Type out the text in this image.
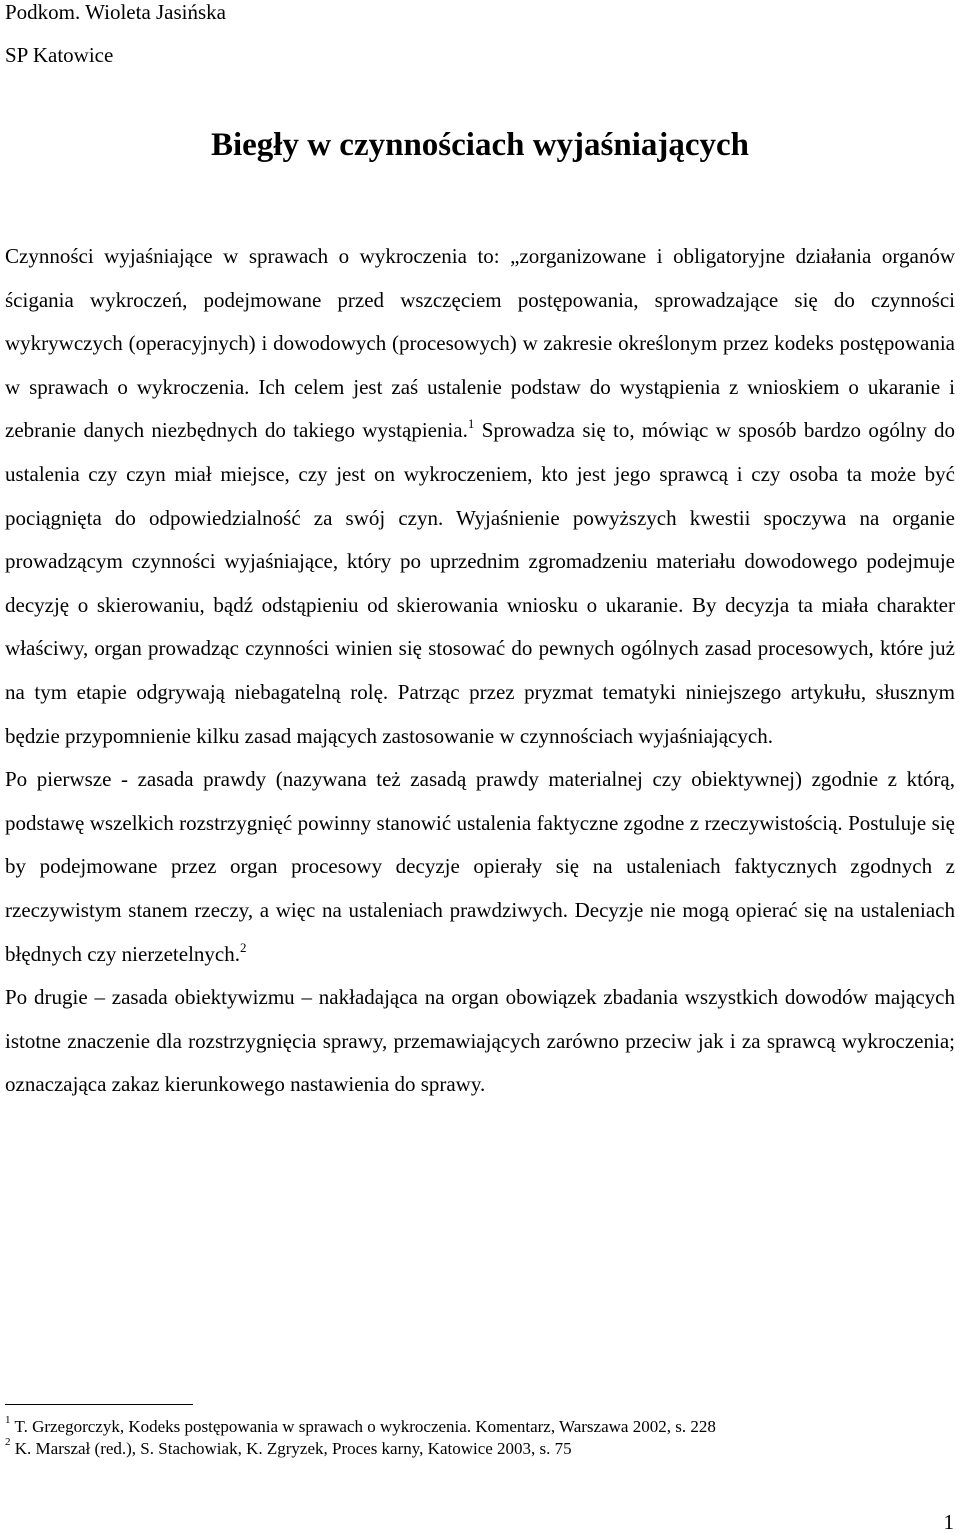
Podkom. Wioleta Jasińska
SP Katowice
Biegły w czynnościach wyjaśniających

Czynności wyjaśniające w sprawach o wykroczenia to: „zorganizowane i obligatoryjne działania organów ścigania wykroczeń, podejmowane przed wszczęciem postępowania, sprowadzające się do czynności wykrywczych (operacyjnych) i dowodowych (procesowych) w zakresie określonym przez kodeks postępowania w sprawach o wykroczenia. Ich celem jest zaś ustalenie podstaw do wystąpienia z wnioskiem o ukaranie i zebranie danych niezbędnych do takiego wystąpienia.$^1$ Sprowadza się to, mówiąc w sposób bardzo ogólny do ustalenia czy czyn miał miejsce, czy jest on wykroczeniem, kto jest jego sprawcą i czy osoba ta może być pociągnięta do odpowiedzialność za swój czyn. Wyjaśnienie powyższych kwestii spoczywa na organie prowadzącym czynności wyjaśniające, który po uprzednim zgromadzeniu materiału dowodowego podejmuje decyzję o skierowaniu, bądź odstąpieniu od skierowania wniosku o ukaranie. By decyzja ta miała charakter właściwy, organ prowadząc czynności winien się stosować do pewnych ogólnych zasad procesowych, które już na tym etapie odgrywają niebagatelną rolę. Patrząc przez pryzmat tematyki niniejszego artykułu, słusznym będzie przypomnienie kilku zasad mających zastosowanie w czynnościach wyjaśniających.

Po pierwsze - zasada prawdy (nazywana też zasadą prawdy materialnej czy obiektywnej) zgodnie z którą, podstawę wszelkich rozstrzygnięć powinny stanowić ustalenia faktyczne zgodne z rzeczywistością. Postuluje się by podejmowane przez organ procesowy decyzje opierały się na ustaleniach faktycznych zgodnych z rzeczywistym stanem rzeczy, a więc na ustaleniach prawdziwych. Decyzje nie mogą opierać się na ustaleniach błędnych czy nierzetelnych.$^2$

Po drugie – zasada obiektywizmu – nakładająca na organ obowiązek zbadania wszystkich dowodów mających istotne znaczenie dla rozstrzygnięcia sprawy, przemawiających zarówno przeciw jak i za sprawcą wykroczenia; oznaczająca zakaz kierunkowego nastawienia do sprawy.

$^1$ T. Grzegorczyk, Kodeks postępowania w sprawach o wykroczenia. Komentarz, Warszawa 2002, s. 228
$^2$ K. Marszał (red.), S. Stachowiak, K. Zgryzek, Proces karny, Katowice 2003, s. 75
1
